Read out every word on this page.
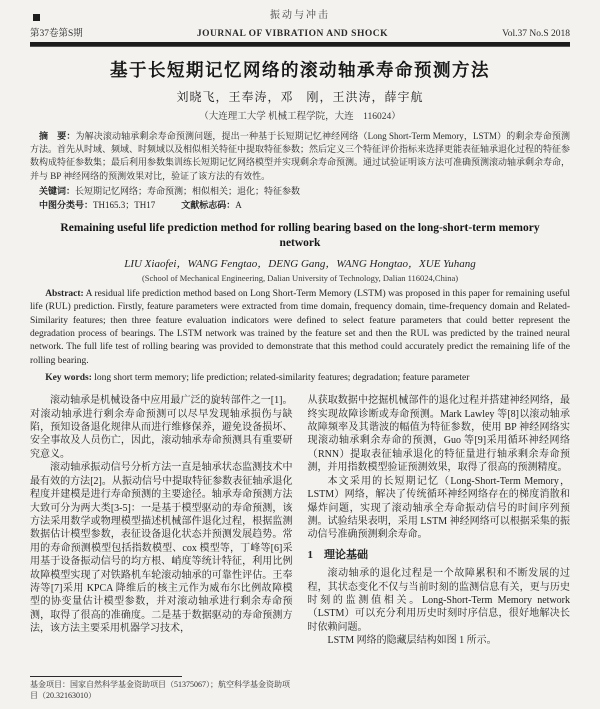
振动与冲击
第37卷第S期	JOURNAL OF VIBRATION AND SHOCK	Vol.37 No.S 2018
基于长短期记忆网络的滚动轴承寿命预测方法
刘晓飞，王奉涛，邓　刚，王洪涛，薛宇航
（大连理工大学 机械工程学院，大连　116024）

摘　要：为解决滚动轴承剩余寿命预测问题，提出一种基于长短期记忆神经网络（Long Short-Term Memory，LSTM）的剩余寿命预测方法。首先从时域、频域、时频域以及相似相关特征中提取特征参数；然后定义三个特征评价指标来选择更能表征轴承退化过程的特征参数构成特征参数集；最后利用参数集训练长短期记忆网络模型并实现剩余寿命预测。通过试验证明该方法可准确预测滚动轴承剩余寿命，并与 BP 神经网络的预测效果对比，验证了该方法的有效性。

关键词：长短期记忆网络；寿命预测；相似相关；退化；特征参数

中图分类号：TH165.3；TH17	文献标志码：A

Remaining useful life prediction method for rolling bearing based on the long-short-term memory
network
LIU Xiaofei，WANG Fengtao，DENG Gang，WANG Hongtao，XUE Yuhang
(School of Mechanical Engineering, Dalian University of Technology, Dalian 116024,China)

Abstract: A residual life prediction method based on Long Short-Term Memory (LSTM) was proposed in this paper for remaining useful life (RUL) prediction. Firstly, feature parameters were extracted from time domain, frequency domain, time-frequency domain and Related-Similarity features; then three feature evaluation indicators were defined to select feature parameters that could better represent the degradation process of bearings. The LSTM network was trained by the feature set and then the RUL was predicted by the trained neural network. The full life test of rolling bearing was provided to demonstrate that this method could accurately predict the remaining life of the rolling bearing.

Key words: long short term memory; life prediction; related-similarity features; degradation; feature parameter

滚动轴承是机械设备中应用最广泛的旋转部件之一[1]。对滚动轴承进行剩余寿命预测可以尽早发现轴承损伤与缺陷，预知设备退化规律从而进行维修保养，避免设备损坏、安全事故及人员伤亡，因此，滚动轴承寿命预测具有重要研究意义。

滚动轴承振动信号分析方法一直是轴承状态监测技术中最有效的方法[2]。从振动信号中提取特征参数表征轴承退化程度并建模是进行寿命预测的主要途径。轴承寿命预测方法大致可分为两大类[3-5]：一是基于模型驱动的寿命预测，该方法采用数学或物理模型描述机械部件退化过程，根据监测数据估计模型参数，表征设备退化状态并预测发展趋势。常用的寿命预测模型包括指数模型、cox 模型等，丁峰等[6]采用基于设备振动信号的均方根、峭度等统计特征，利用比例故障模型实现了对铁路机车轮滚动轴承的可靠性评估。王奉涛等[7]采用 KPCA 降维后的核主元作为威布尔比例故障模型的协变量估计模型参数，并对滚动轴承进行剩余寿命预测，取得了很高的准确度。二是基于数据驱动的寿命预测方法，该方法主要采用机器学习技术，

基金项目：国家自然科学基金资助项目（51375067）；航空科学基金资助项目（20.32163010）

从获取数据中挖掘机械部件的退化过程并搭建神经网络，最终实现故障诊断或寿命预测。Mark Lawley 等[8]以滚动轴承故障频率及其谐波的幅值为特征参数，使用 BP 神经网络实现滚动轴承剩余寿命的预测，Guo 等[9]采用循环神经网络（RNN）提取表征轴承退化的特征量进行轴承剩余寿命预测，并用指数模型验证预测效果，取得了很高的预测精度。

本文采用的长短期记忆（Long-Short-Term Memory，LSTM）网络，解决了传统循环神经网络存在的梯度消散和爆炸问题，实现了滚动轴承全寿命振动信号的时间序列预测。试验结果表明，采用 LSTM 神经网络可以根据采集的振动信号准确预测剩余寿命。

1　理论基础

滚动轴承的退化过程是一个故障累积和不断发展的过程，其状态变化不仅与当前时刻的监测信息有关，更与历史时刻的监测值相关。Long-Short-Term Memory network（LSTM）可以充分利用历史时刻时序信息，很好地解决长时依赖问题。

LSTM 网络的隐藏层结构如图 1 所示。
